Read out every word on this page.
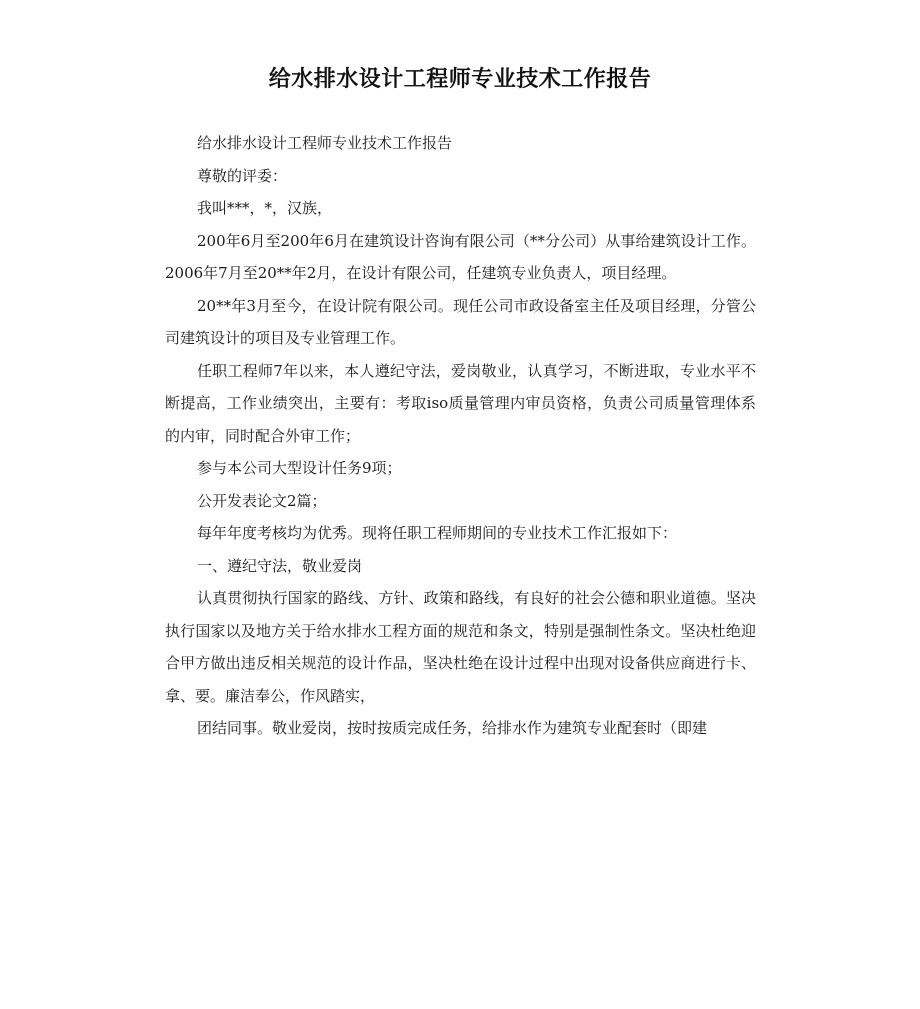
给水排水设计工程师专业技术工作报告

给水排水设计工程师专业技术工作报告

尊敬的评委：

我叫***，*，汉族，

200年6月至200年6月在建筑设计咨询有限公司（**分公司）从事给建筑设计工作。2006年7月至20**年2月，在设计有限公司，任建筑专业负责人，项目经理。

20**年3月至今，在设计院有限公司。现任公司市政设备室主任及项目经理，分管公司建筑设计的项目及专业管理工作。

任职工程师7年以来，本人遵纪守法，爱岗敬业，认真学习，不断进取，专业水平不断提高，工作业绩突出，主要有：考取iso质量管理内审员资格，负责公司质量管理体系的内审，同时配合外审工作；

参与本公司大型设计任务9项；

公开发表论文2篇；

每年年度考核均为优秀。现将任职工程师期间的专业技术工作汇报如下：

一、遵纪守法，敬业爱岗

认真贯彻执行国家的路线、方针、政策和路线，有良好的社会公德和职业道德。坚决执行国家以及地方关于给水排水工程方面的规范和条文，特别是强制性条文。坚决杜绝迎合甲方做出违反相关规范的设计作品，坚决杜绝在设计过程中出现对设备供应商进行卡、拿、要。廉洁奉公，作风踏实，

团结同事。敬业爱岗，按时按质完成任务，给排水作为建筑专业配套时（即建
